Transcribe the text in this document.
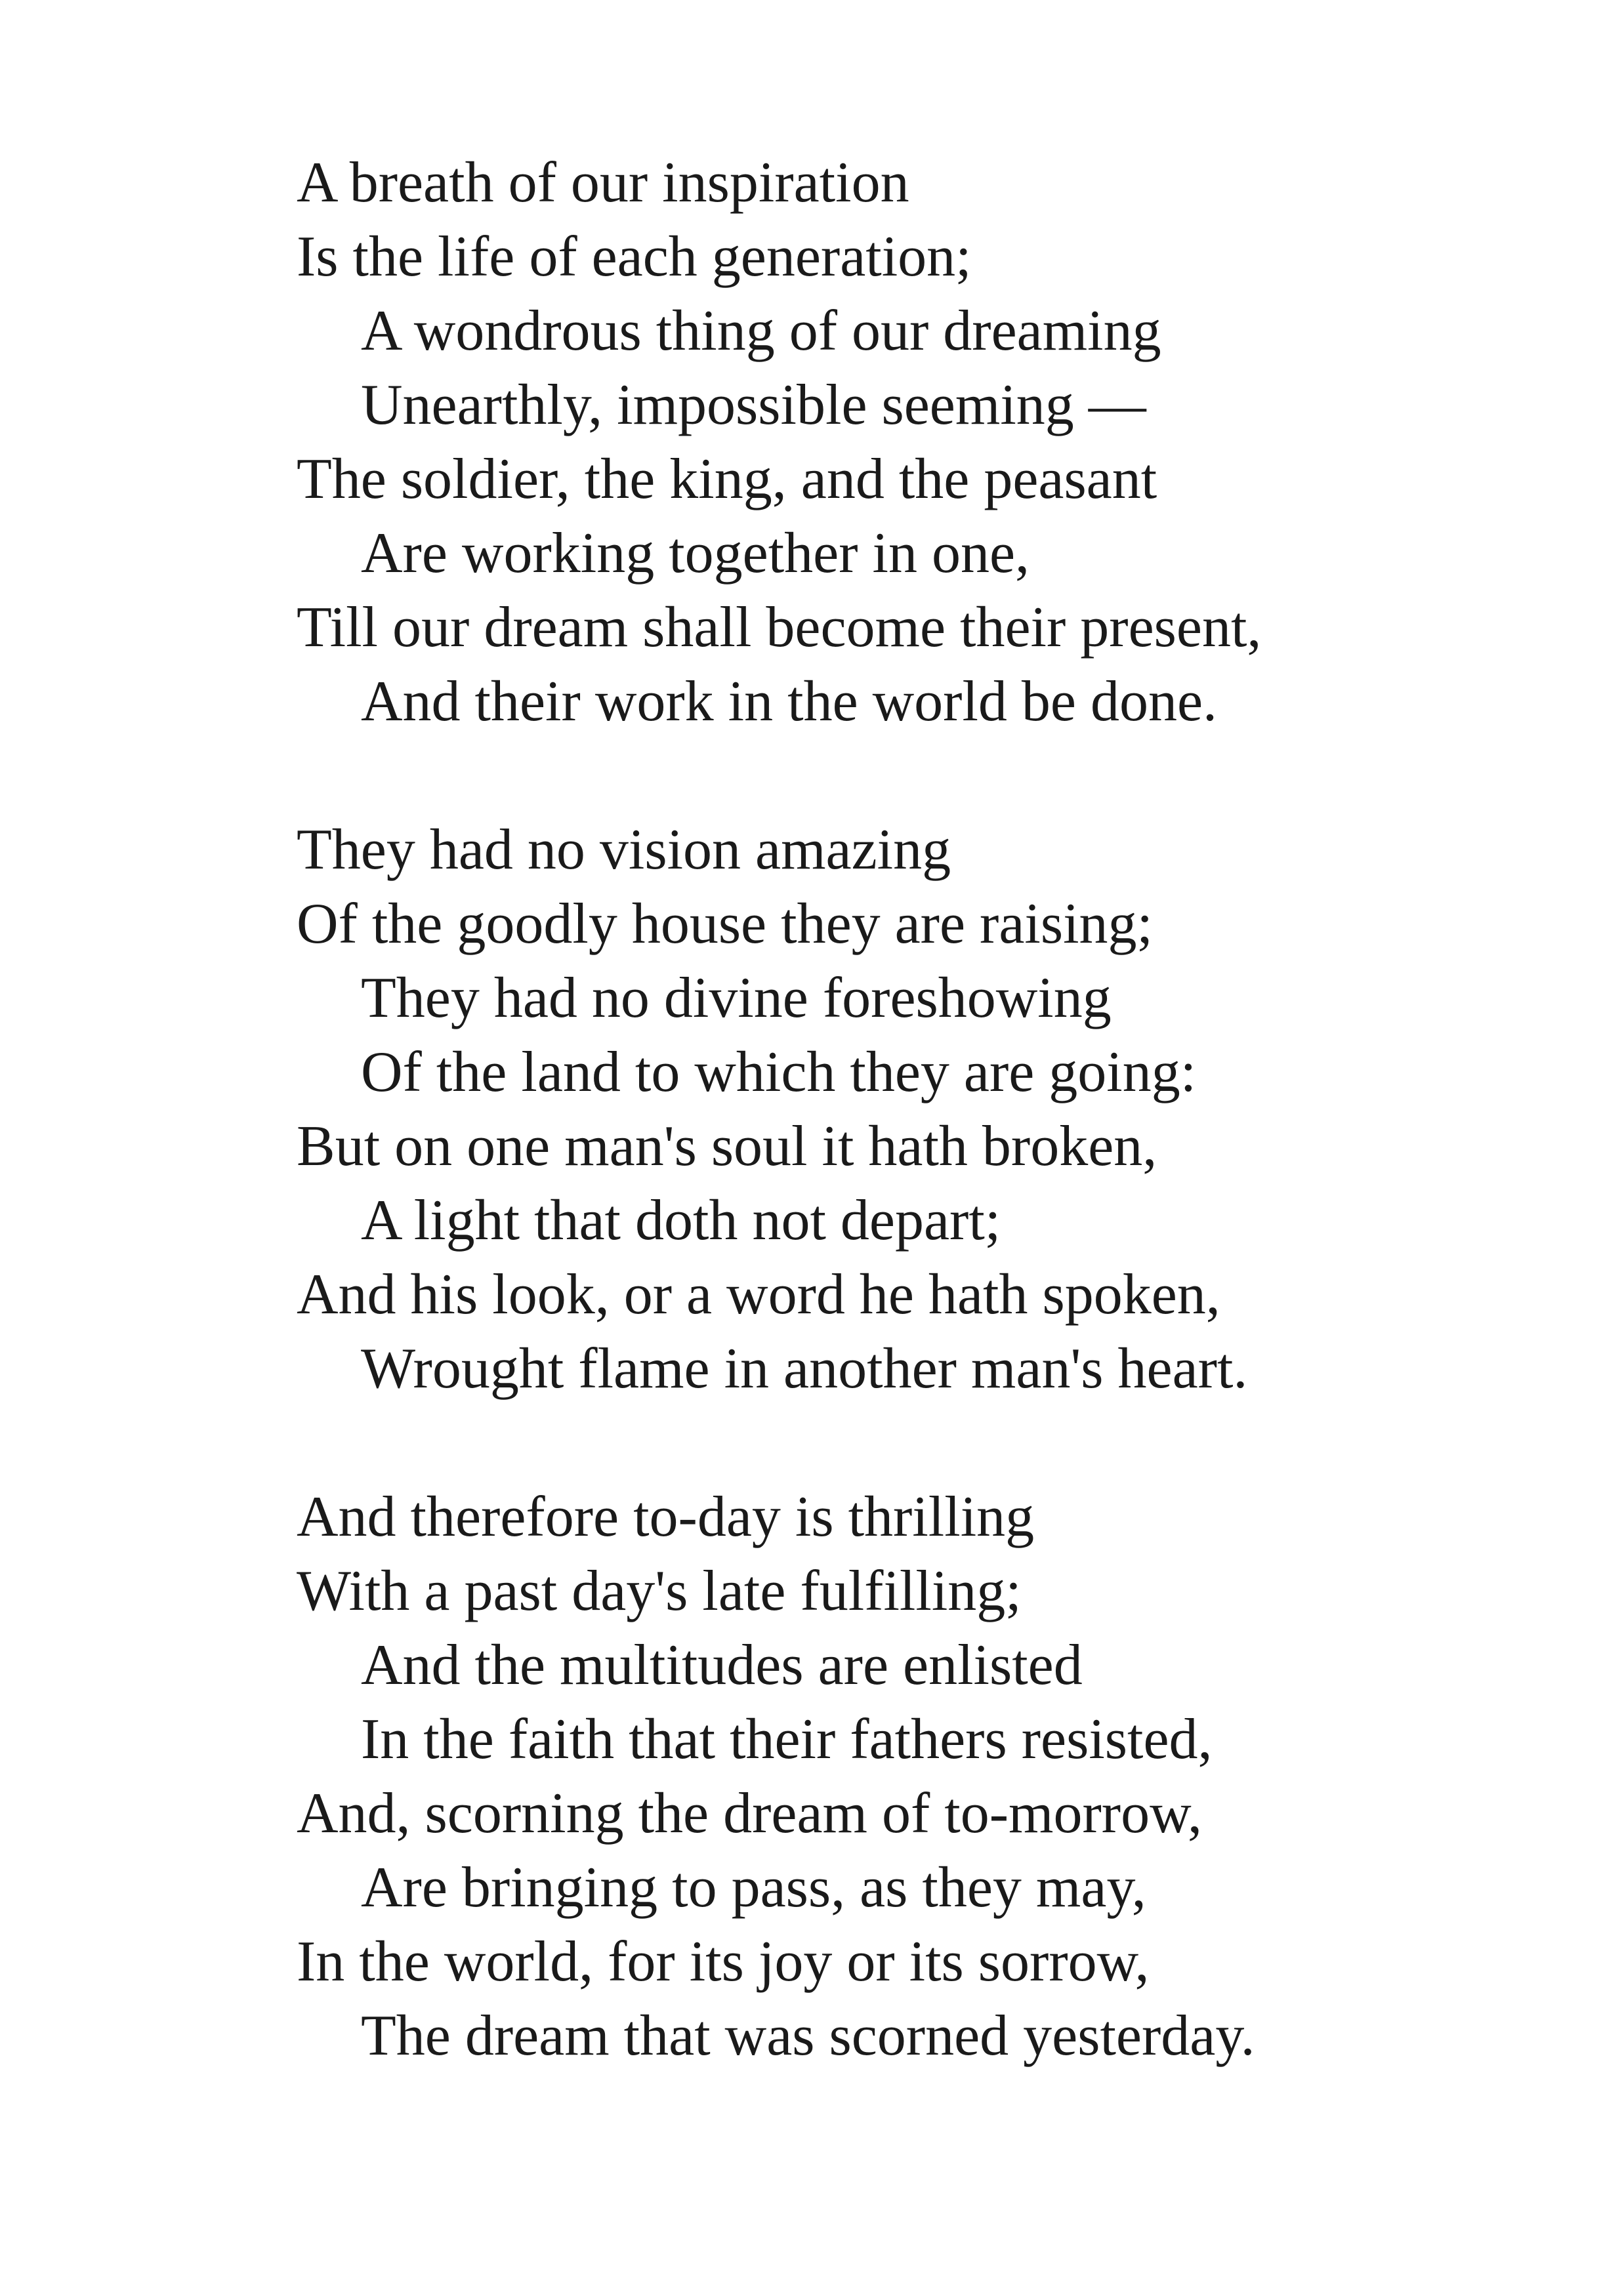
A breath of our inspiration
Is the life of each generation;
A wondrous thing of our dreaming
Unearthly, impossible seeming —
The soldier, the king, and the peasant
Are working together in one,
Till our dream shall become their present,
And their work in the world be done.
They had no vision amazing
Of the goodly house they are raising;
They had no divine foreshowing
Of the land to which they are going:
But on one man's soul it hath broken,
A light that doth not depart;
And his look, or a word he hath spoken,
Wrought flame in another man's heart.
And therefore to-day is thrilling
With a past day's late fulfilling;
And the multitudes are enlisted
In the faith that their fathers resisted,
And, scorning the dream of to-morrow,
Are bringing to pass, as they may,
In the world, for its joy or its sorrow,
The dream that was scorned yesterday.
